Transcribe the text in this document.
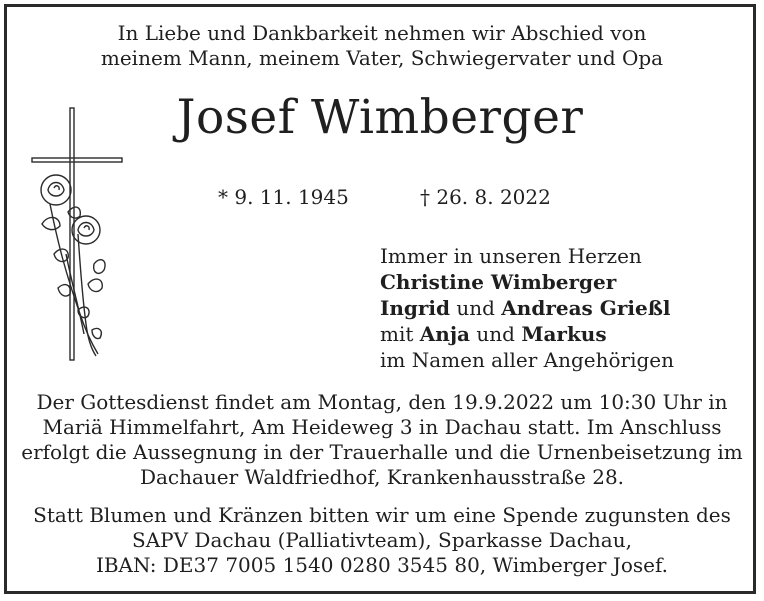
In Liebe und Dankbarkeit nehmen wir Abschied von
meinem Mann, meinem Vater, Schwiegervater und Opa
Josef Wimberger
* 9. 11. 1945	† 26. 8. 2022
Immer in unseren Herzen
Christine Wimberger
Ingrid und Andreas Grießl
mit Anja und Markus
im Namen aller Angehörigen
Der Gottesdienst findet am Montag, den 19.9.2022 um 10:30 Uhr in
Mariä Himmelfahrt, Am Heideweg 3 in Dachau statt. Im Anschluss
erfolgt die Aussegnung in der Trauerhalle und die Urnenbeisetzung im
Dachauer Waldfriedhof, Krankenhausstraße 28.
Statt Blumen und Kränzen bitten wir um eine Spende zugunsten des
SAPV Dachau (Palliativteam), Sparkasse Dachau,
IBAN: DE37 7005 1540 0280 3545 80, Wimberger Josef.
